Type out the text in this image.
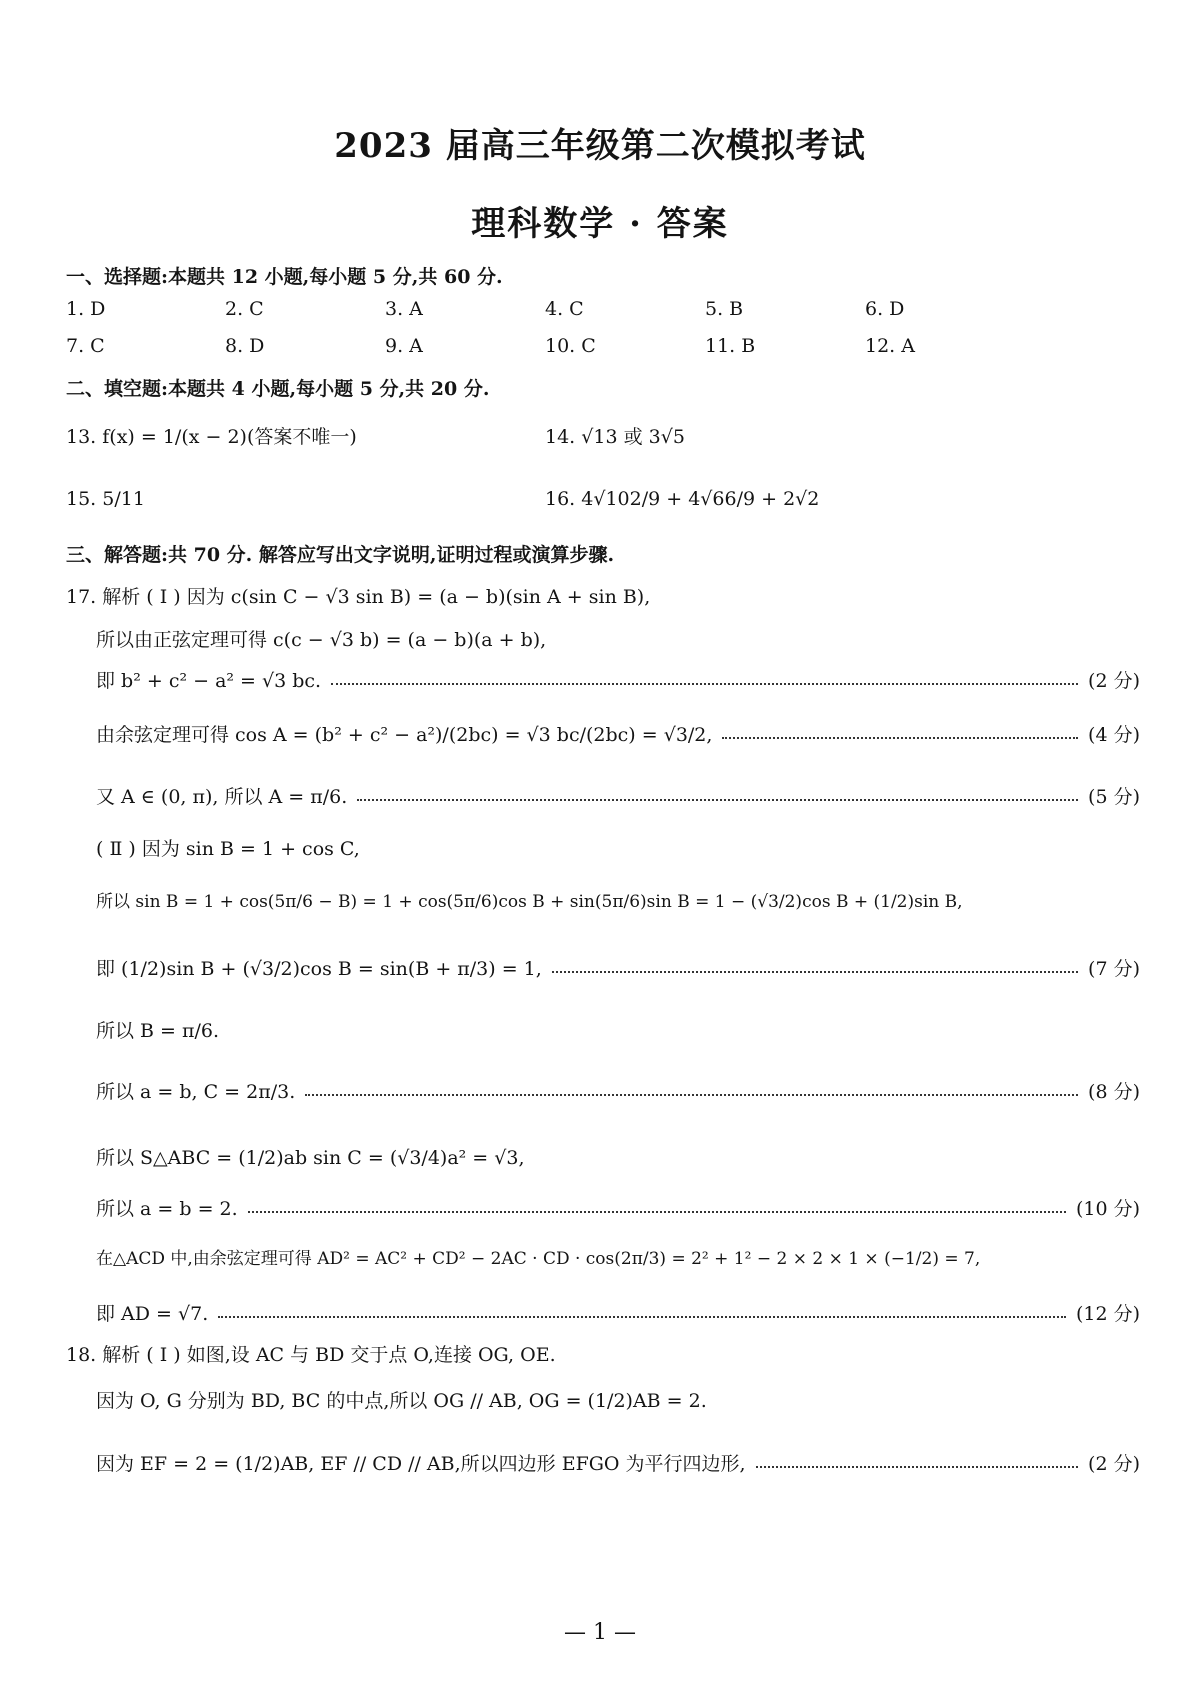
2023 届高三年级第二次模拟考试
理科数学 · 答案
一、选择题:本题共 12 小题,每小题 5 分,共 60 分.
1. D	2. C	3. A	4. C	5. B	6. D
7. C	8. D	9. A	10. C	11. B	12. A
二、填空题:本题共 4 小题,每小题 5 分,共 20 分.
13. f(x) = 1/(x − 2)(答案不唯一)	14. √13 或 3√5
15. 5/11	16. 4√102/9 + 4√66/9 + 2√2
三、解答题:共 70 分. 解答应写出文字说明,证明过程或演算步骤.
17. 解析 ( Ⅰ ) 因为 c(sin C − √3 sin B) = (a − b)(sin A + sin B),
所以由正弦定理可得 c(c − √3 b) = (a − b)(a + b),
即 b² + c² − a² = √3 bc.	(2 分)
由余弦定理可得 cos A = (b² + c² − a²)/(2bc) = √3 bc/(2bc) = √3/2,	(4 分)
又 A ∈ (0, π), 所以 A = π/6.	(5 分)
( Ⅱ ) 因为 sin B = 1 + cos C,
所以 sin B = 1 + cos(5π/6 − B) = 1 + cos(5π/6)cos B + sin(5π/6)sin B = 1 − (√3/2)cos B + (1/2)sin B,
即 (1/2)sin B + (√3/2)cos B = sin(B + π/3) = 1,	(7 分)
所以 B = π/6.
所以 a = b, C = 2π/3.	(8 分)
所以 S△ABC = (1/2)ab sin C = (√3/4)a² = √3,
所以 a = b = 2.	(10 分)
在△ACD 中,由余弦定理可得 AD² = AC² + CD² − 2AC · CD · cos(2π/3) = 2² + 1² − 2 × 2 × 1 × (−1/2) = 7,
即 AD = √7.	(12 分)
18. 解析 ( Ⅰ ) 如图,设 AC 与 BD 交于点 O,连接 OG, OE.
因为 O, G 分别为 BD, BC 的中点,所以 OG // AB, OG = (1/2)AB = 2.
因为 EF = 2 = (1/2)AB, EF // CD // AB,所以四边形 EFGO 为平行四边形,	(2 分)
— 1 —
